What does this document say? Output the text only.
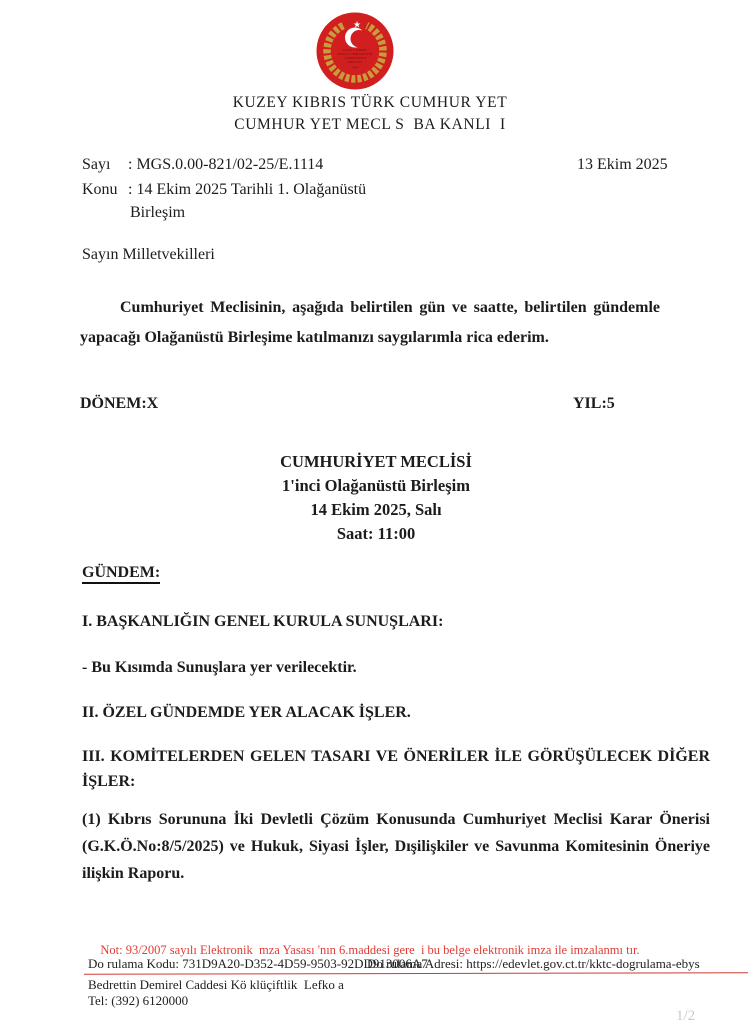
★
KUZEY KIBRIS
TÜRK CUMHURİYETİ
CUMHURİYET
MECLİSİ
1983
KUZEY KIBRIS TÜRK CUMHUR YET
CUMHUR YET MECL S  BA KANLI  I
Sayı : MGS.0.00-821/02-25/E.1114	13 Ekim 2025
Konu : 14 Ekim 2025 Tarihli 1. Olağanüstü
Birleşim
Sayın Milletvekilleri
Cumhuriyet Meclisinin, aşağıda belirtilen gün ve saatte, belirtilen gündemle yapacağı Olağanüstü Birleşime katılmanızı saygılarımla rica ederim.
DÖNEM:X	YIL:5
CUMHURİYET MECLİSİ
1'inci Olağanüstü Birleşim
14 Ekim 2025, Salı
Saat: 11:00
GÜNDEM:
I. BAŞKANLIĞIN GENEL KURULA SUNUŞLARI:
- Bu Kısımda Sunuşlara yer verilecektir.
II. ÖZEL GÜNDEMDE YER ALACAK İŞLER.
III. KOMİTELERDEN GELEN TASARI VE ÖNERİLER İLE GÖRÜŞÜLECEK DİĞER İŞLER:
(1) Kıbrıs Sorununa İki Devletli Çözüm Konusunda Cumhuriyet Meclisi Karar Önerisi (G.K.Ö.No:8/5/2025) ve Hukuk, Siyasi İşler, Dışilişkiler ve Savunma Komitesinin Öneriye ilişkin Raporu.
Not: 93/2007 sayılı Elektronik  mza Yasası 'nın 6.maddesi gere  i bu belge elektronik imza ile imzalanmı tır.
Do rulama Kodu: 731D9A20-D352-4D59-9503-92DD913006A7
Do rulama Adresi: https://edevlet.gov.ct.tr/kktc-dogrulama-ebys
Bedrettin Demirel Caddesi Kö klüçiftlik  Lefko a
Tel: (392) 6120000
1/2
